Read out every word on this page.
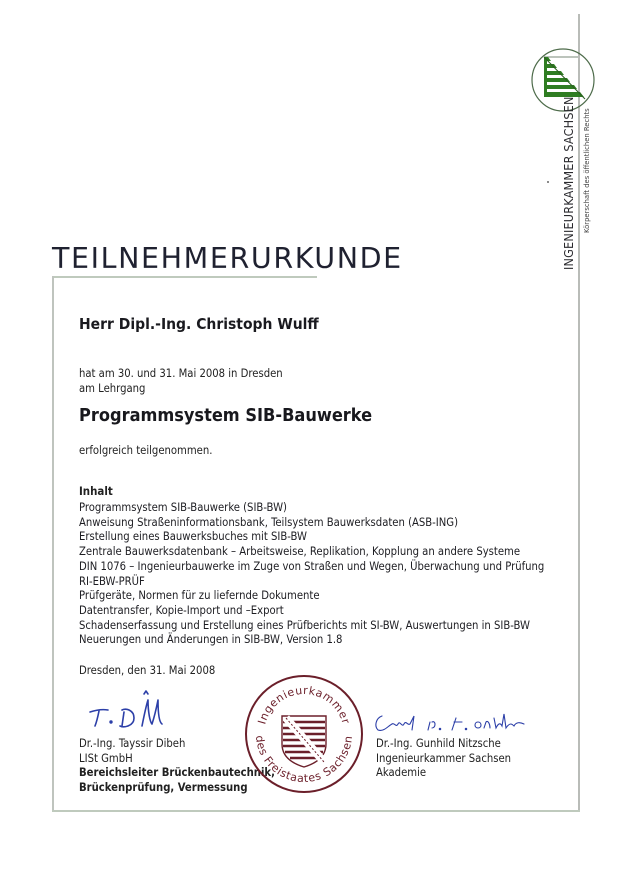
INGENIEURKAMMER SACHSEN Körperschaft des öffentlichen Rechts
TEILNEHMERURKUNDE
Herr Dipl.-Ing. Christoph Wulff
hat am 30. und 31. Mai 2008 in Dresden
am Lehrgang
Programmsystem SIB-Bauwerke
erfolgreich teilgenommen.
Inhalt
Programmsystem SIB-Bauwerke (SIB-BW)
Anweisung Straßeninformationsbank, Teilsystem Bauwerksdaten (ASB-ING)
Erstellung eines Bauwerksbuches mit SIB-BW
Zentrale Bauwerksdatenbank – Arbeitsweise, Replikation, Kopplung an andere Systeme
DIN 1076 – Ingenieurbauwerke im Zuge von Straßen und Wegen, Überwachung und Prüfung
RI-EBW-PRÜF
Prüfgeräte, Normen für zu liefernde Dokumente
Datentransfer, Kopie-Import und –Export
Schadenserfassung und Erstellung eines Prüfberichts mit SI-BW, Auswertungen in SIB-BW
Neuerungen und Änderungen in SIB-BW, Version 1.8
Dresden, den 31. Mai 2008
Dr.-Ing. Tayssir Dibeh
LISt GmbH
Bereichsleiter Brückenbautechnik,
Brückenprüfung, Vermessung
Ingenieurkammer
des Freistaates Sachsen Dr.-Ing. Gunhild Nitzsche
Ingenieurkammer Sachsen
Akademie
